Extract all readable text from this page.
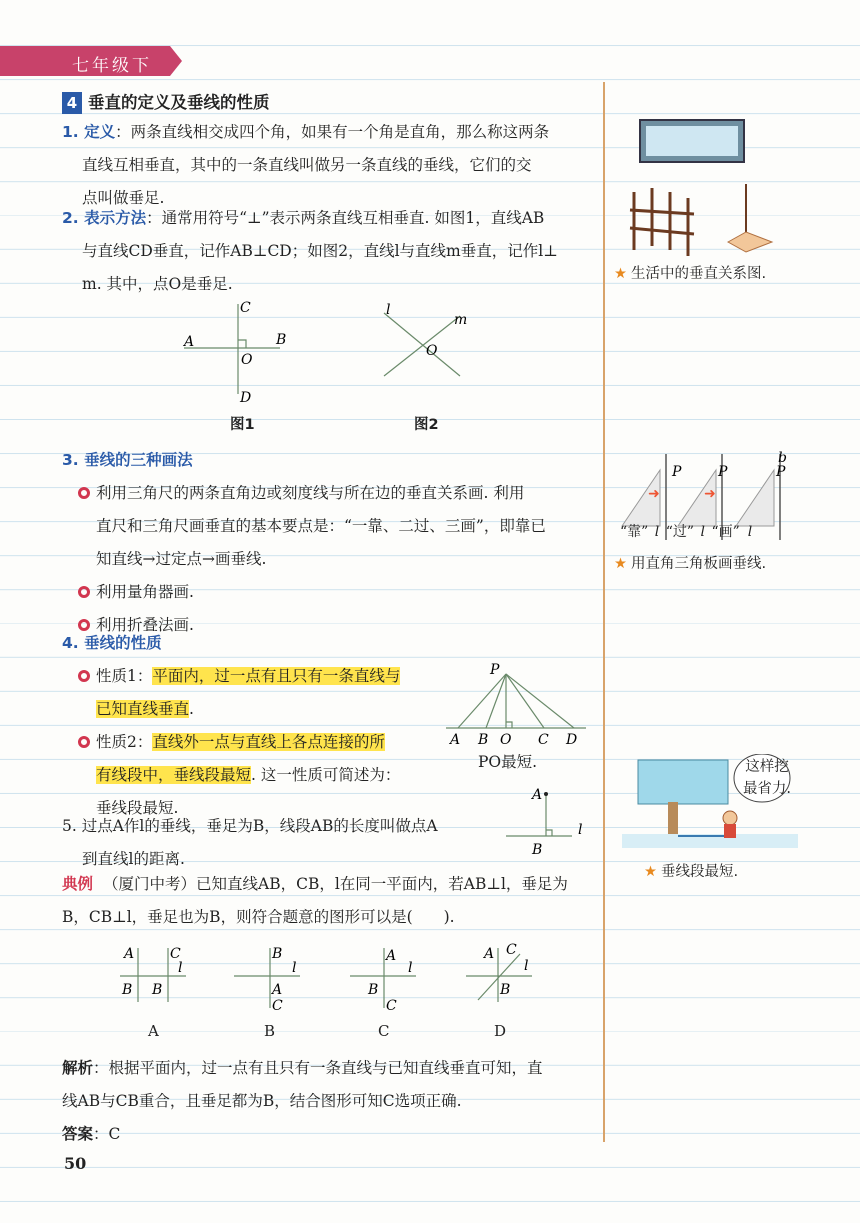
七年级下
4 垂直的定义及垂线的性质
1. 定义：两条直线相交成四个角，如果有一个角是直角，那么称这两条
直线互相垂直，其中的一条直线叫做另一条直线的垂线，它们的交
点叫做垂足.
2. 表示方法：通常用符号“⊥”表示两条直线互相垂直. 如图1，直线AB
与直线CD垂直，记作AB⊥CD；如图2，直线l与直线m垂直，记作l⊥
m. 其中，点O是垂足.
A	B
C
D
O
l
m
O
图1	图2
3. 垂线的三种画法
利用三角尺的两条直角边或刻度线与所在边的垂直关系画. 利用
直尺和三角尺画垂直的基本要点是：“一靠、二过、三画”，即靠已
知直线→过定点→画垂线.
利用量角器画.
利用折叠法画.
4. 垂线的性质
性质1：平面内，过一点有且只有一条直线与
已知直线垂直.
性质2：直线外一点与直线上各点连接的所
有线段中，垂线段最短. 这一性质可简述为：
垂线段最短.
P
A B O C D
PO最短.
5. 过点A作l的垂线，垂足为B，线段AB的长度叫做点A
到直线l的距离.
A
B
l
典例 （厦门中考）已知直线AB，CB，l在同一平面内，若AB⊥l，垂足为
B，CB⊥l，垂足也为B，则符合题意的图形可以是(　　).
A	C
l
B B
B
l
A
C
A
l
B
C
A C
l
B
A	B	C	D
解析：根据平面内，过一点有且只有一条直线与已知直线垂直可知，直
线AB与CB重合，且垂足都为B，结合图形可知C选项正确.
答案：C
50
★ 生活中的垂直关系图.
➜	➜
P	P	P
b
“靠” l “过” l “画” l
★ 用直角三角板画垂线.
这样挖
最省力.
★ 垂线段最短.
